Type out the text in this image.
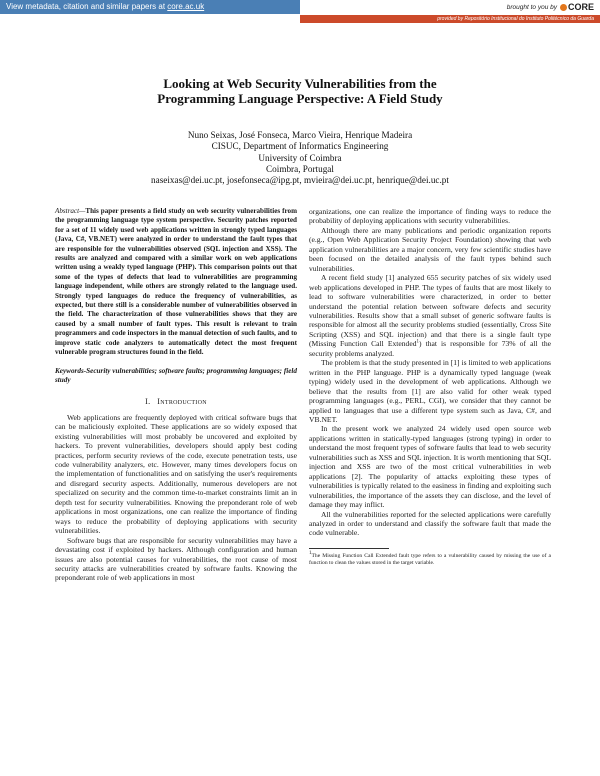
View metadata, citation and similar papers at core.ac.uk	brought to you by CORE
provided by Repositório Institucional do Instituto Politécnico da Guarda
Looking at Web Security Vulnerabilities from the
Programming Language Perspective: A Field Study
Nuno Seixas, José Fonseca, Marco Vieira, Henrique Madeira
CISUC, Department of Informatics Engineering
University of Coimbra
Coimbra, Portugal
naseixas@dei.uc.pt, josefonseca@ipg.pt, mvieira@dei.uc.pt, henrique@dei.uc.pt
Abstract—This paper presents a field study on web security vulnerabilities from the programming language type system perspective. Security patches reported for a set of 11 widely used web applications written in strongly typed languages (Java, C#, VB.NET) were analyzed in order to understand the fault types that are responsible for the vulnerabilities observed (SQL injection and XSS). The results are analyzed and compared with a similar work on web applications written using a weakly typed language (PHP). This comparison points out that some of the types of defects that lead to vulnerabilities are programming language independent, while others are strongly related to the language used. Strongly typed languages do reduce the frequency of vulnerabilities, as expected, but there still is a considerable number of vulnerabilities observed in the field. The characterization of those vulnerabilities shows that they are caused by a small number of fault types. This result is relevant to train programmers and code inspectors in the manual detection of such faults, and to improve static code analyzers to automatically detect the most frequent vulnerable program structures found in the field.
Keywords-Security vulnerabilities; software faults; programming languages; field study
I. Introduction
Web applications are frequently deployed with critical software bugs that can be maliciously exploited. These applications are so widely exposed that existing vulnerabilities will most probably be uncovered and exploited by hackers. To prevent vulnerabilities, developers should apply best coding practices, perform security reviews of the code, execute penetration tests, use code vulnerability analyzers, etc. However, many times developers focus on the implementation of functionalities and on satisfying the user's requirements and disregard security aspects. Additionally, numerous developers are not specialized on security and the common time-to-market constraints limit an in depth test for security vulnerabilities. Knowing the preponderant role of web applications in most organizations, one can realize the importance of finding ways to reduce the probability of deploying applications with security vulnerabilities.
Software bugs that are responsible for security vulnerabilities may have a devastating cost if exploited by hackers. Although configuration and human issues are also potential causes for vulnerabilities, the root cause of most security attacks are vulnerabilities created by software faults. Knowing the preponderant role of web applications in most
organizations, one can realize the importance of finding ways to reduce the probability of deploying applications with security vulnerabilities.
Although there are many publications and periodic organization reports (e.g., Open Web Application Security Project Foundation) showing that web application vulnerabilities are a major concern, very few scientific studies have been focused on the detailed analysis of the fault types behind such vulnerabilities.
A recent field study [1] analyzed 655 security patches of six widely used web applications developed in PHP. The types of faults that are most likely to lead to software vulnerabilities were characterized, in order to better understand the potential relation between software defects and security vulnerabilities. Results show that a small subset of generic software faults is responsible for almost all the security problems studied (essentially, Cross Site Scripting (XSS) and SQL injection) and that there is a single fault type (Missing Function Call Extended$^1$) that is responsible for 73% of all the security problems analyzed.
The problem is that the study presented in [1] is limited to web applications written in the PHP language. PHP is a dynamically typed language (weak typing) widely used in the development of web applications. Although we believe that the results from [1] are also valid for other weak typed programming languages (e.g., PERL, CGI), we consider that they cannot be applied to languages that use a different type system such as Java, C#, and VB.NET.
In the present work we analyzed 24 widely used open source web applications written in statically-typed languages (strong typing) in order to understand the most frequent types of software faults that lead to web security vulnerabilities such as XSS and SQL injection. It is worth mentioning that SQL injection and XSS are two of the most critical vulnerabilities in web applications [2]. The popularity of attacks exploiting these types of vulnerabilities is typically related to the easiness in finding and exploiting such vulnerabilities, the importance of the assets they can disclose, and the level of damage they may inflict.
All the vulnerabilities reported for the selected applications were carefully analyzed in order to understand and classify the software fault that made the code vulnerable.
$^1$The Missing Function Call Extended fault type refers to a vulnerability caused by missing the use of a function to clean the values stored in the target variable.
